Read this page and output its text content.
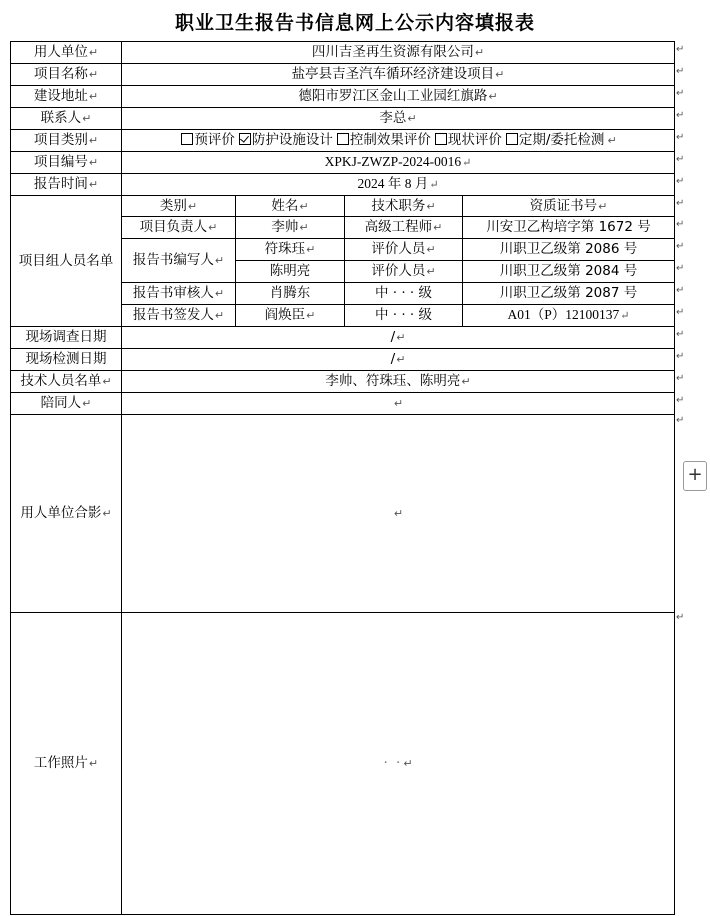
职业卫生报告书信息网上公示内容填报表
用人单位↵	四川吉圣再生资源有限公司↵			
项目名称↵	盐亭县吉圣汽车循环经济建设项目↵			
建设地址↵	德阳市罗江区金山工业园红旗路↵			
联系人↵	李总↵			
项目类别↵	预评价 防护设施设计 控制效果评价 现状评价 定期/委托检测 ↵			
项目编号↵	XPKJ-ZWZP-2024-0016↵			
报告时间↵	2024 年 8 月↵			
项目组人员名单	类别↵	姓名↵	技术职务↵	资质证书号↵
	项目负责人↵	李帅↵	高级工程师↵	川安卫乙构培字第 1672 号
	报告书编写人↵	符珠珏↵	评价人员↵	川职卫乙级第 2086 号
		陈明亮	评价人员↵	川职卫乙级第 2084 号
	报告书审核人↵	肖腾东	中 · · · 级	川职卫乙级第 2087 号
	报告书签发人↵	阎焕臣↵	中 · · · 级	A01（P）12100137↵
现场调查日期	/↵			
现场检测日期	/↵			
技术人员名单↵	李帅、符珠珏、陈明亮↵			
陪同人↵	↵			
用人单位合影↵	↵			
工作照片↵	· ·↵			
↵
↵
↵
↵
↵
↵
↵
↵
↵
↵
↵
↵
↵
↵
↵
↵
↵
↵
↵
+
